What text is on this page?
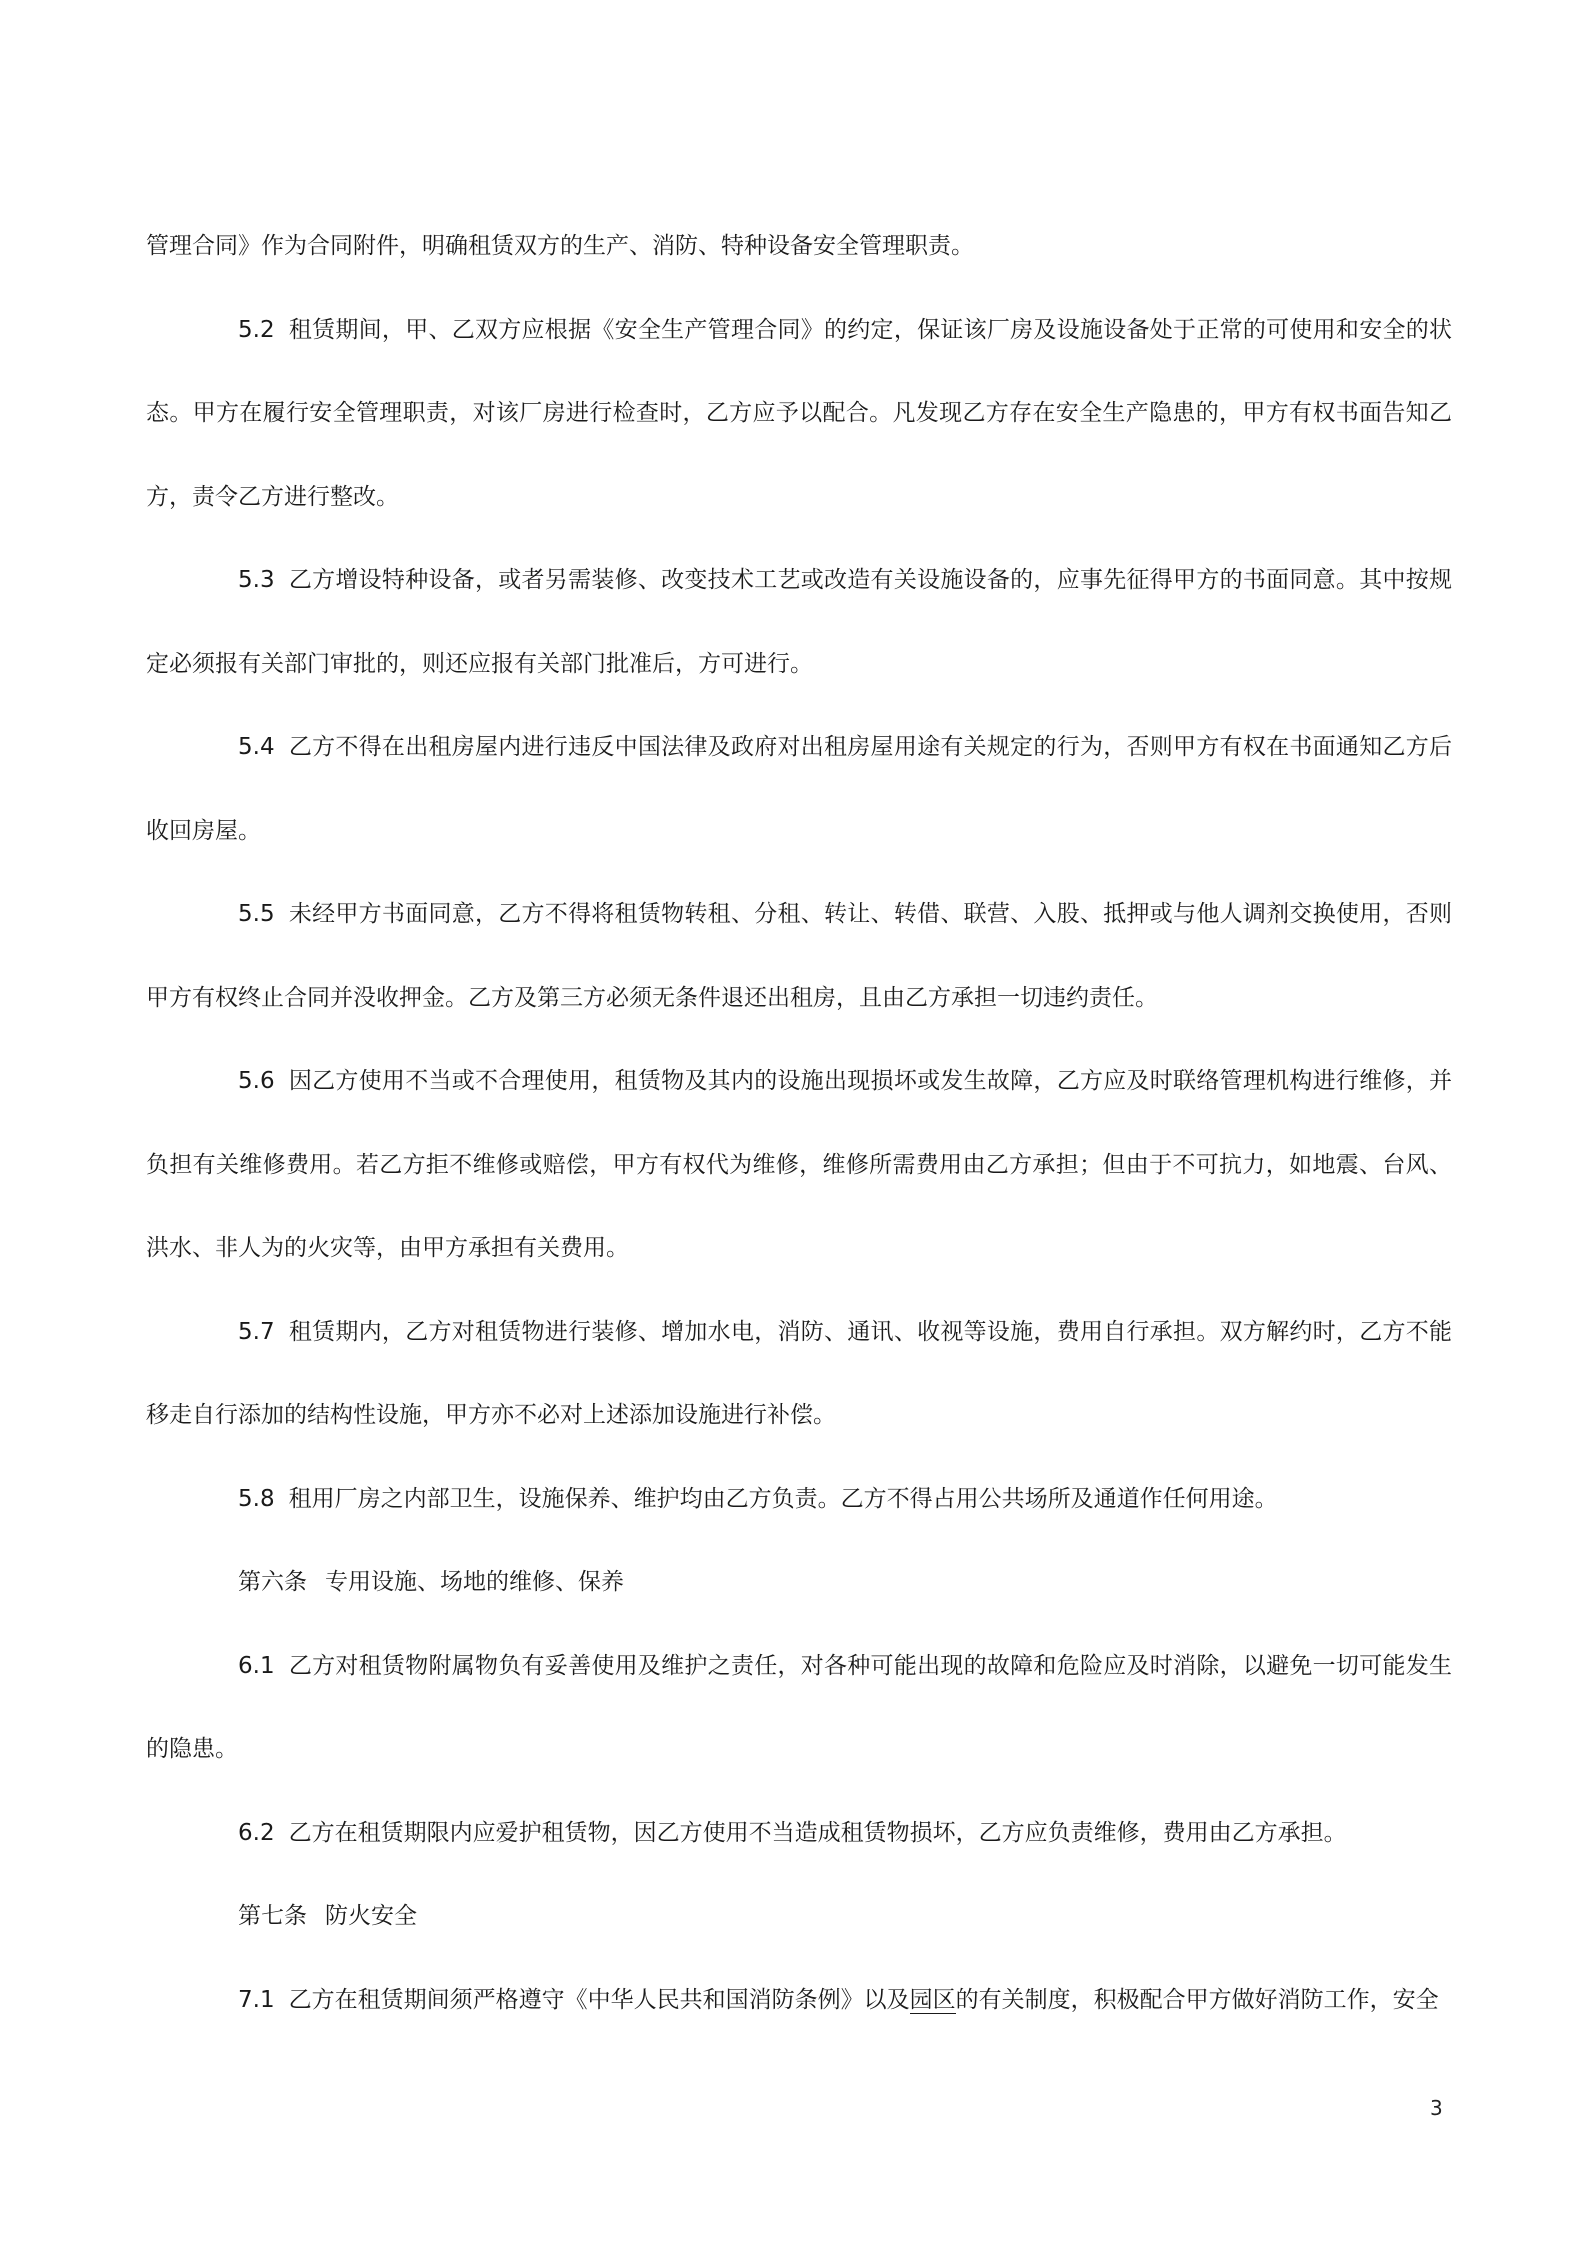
管理合同》作为合同附件，明确租赁双方的生产、消防、特种设备安全管理职责。

5.2 租赁期间，甲、乙双方应根据《安全生产管理合同》的约定，保证该厂房及设施设备处于正常的可使用和安全的状态。甲方在履行安全管理职责，对该厂房进行检查时，乙方应予以配合。凡发现乙方存在安全生产隐患的，甲方有权书面告知乙方，责令乙方进行整改。

5.3 乙方增设特种设备，或者另需装修、改变技术工艺或改造有关设施设备的，应事先征得甲方的书面同意。其中按规定必须报有关部门审批的，则还应报有关部门批准后，方可进行。

5.4 乙方不得在出租房屋内进行违反中国法律及政府对出租房屋用途有关规定的行为，否则甲方有权在书面通知乙方后收回房屋。

5.5 未经甲方书面同意，乙方不得将租赁物转租、分租、转让、转借、联营、入股、抵押或与他人调剂交换使用，否则甲方有权终止合同并没收押金。乙方及第三方必须无条件退还出租房，且由乙方承担一切违约责任。

5.6 因乙方使用不当或不合理使用，租赁物及其内的设施出现损坏或发生故障，乙方应及时联络管理机构进行维修，并负担有关维修费用。若乙方拒不维修或赔偿，甲方有权代为维修，维修所需费用由乙方承担；但由于不可抗力，如地震、台风、洪水、非人为的火灾等，由甲方承担有关费用。

5.7 租赁期内，乙方对租赁物进行装修、增加水电，消防、通讯、收视等设施，费用自行承担。双方解约时，乙方不能移走自行添加的结构性设施，甲方亦不必对上述添加设施进行补偿。

5.8 租用厂房之内部卫生，设施保养、维护均由乙方负责。乙方不得占用公共场所及通道作任何用途。

第六条 专用设施、场地的维修、保养

6.1 乙方对租赁物附属物负有妥善使用及维护之责任，对各种可能出现的故障和危险应及时消除，以避免一切可能发生的隐患。

6.2 乙方在租赁期限内应爱护租赁物，因乙方使用不当造成租赁物损坏，乙方应负责维修，费用由乙方承担。

第七条 防火安全

7.1 乙方在租赁期间须严格遵守《中华人民共和国消防条例》以及园区的有关制度，积极配合甲方做好消防工作，安全

3
